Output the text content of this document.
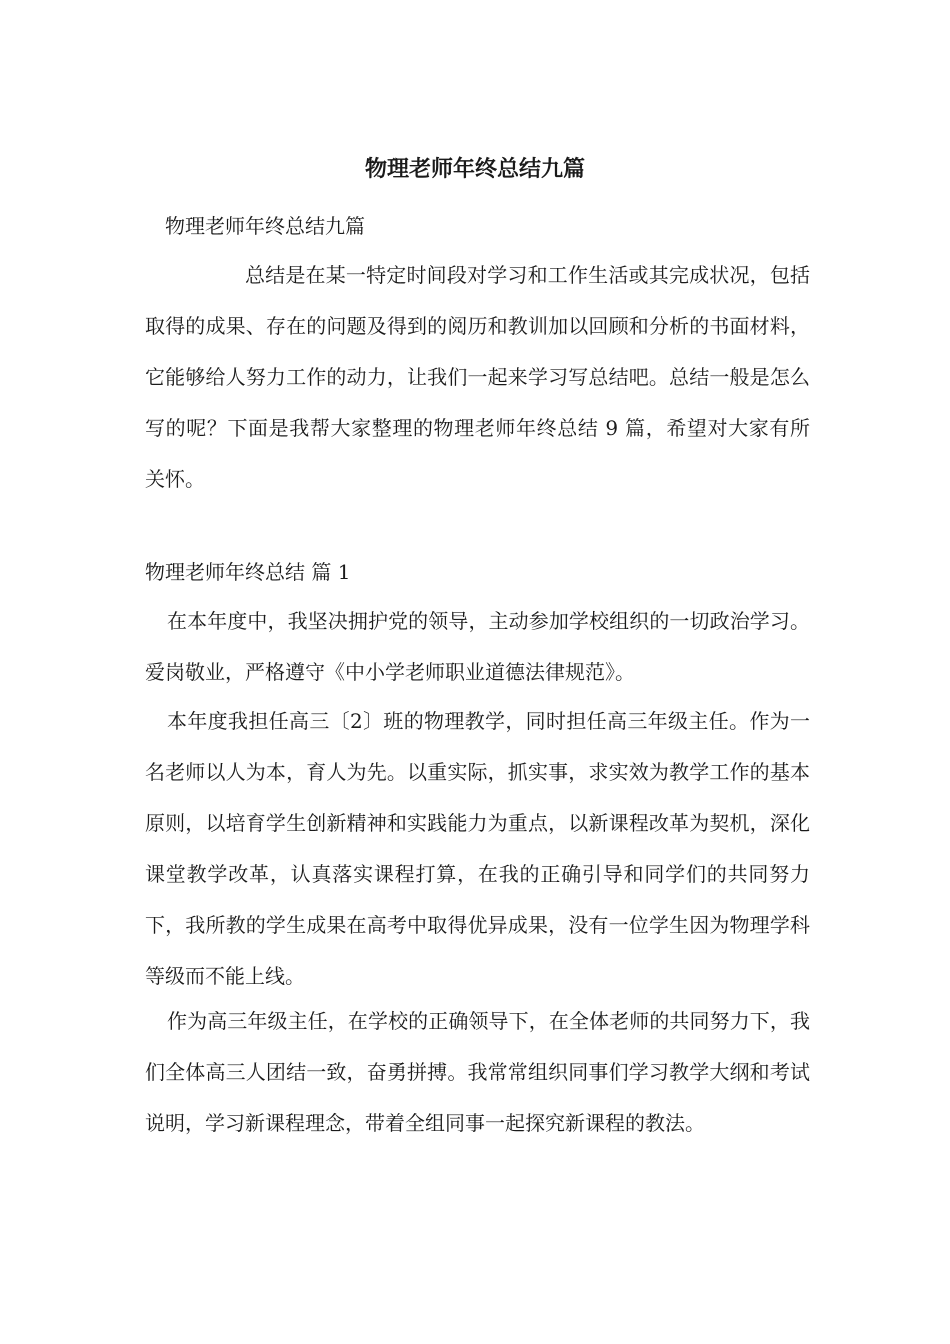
物理老师年终总结九篇

物理老师年终总结九篇

总结是在某一特定时间段对学习和工作生活或其完成状况，包括取得的成果、存在的问题及得到的阅历和教训加以回顾和分析的书面材料，它能够给人努力工作的动力，让我们一起来学习写总结吧。总结一般是怎么写的呢？下面是我帮大家整理的物理老师年终总结 9 篇，希望对大家有所关怀。

物理老师年终总结 篇 1

在本年度中，我坚决拥护党的领导，主动参加学校组织的一切政治学习。爱岗敬业，严格遵守《中小学老师职业道德法律规范》。

本年度我担任高三〔2〕班的物理教学，同时担任高三年级主任。作为一名老师以人为本，育人为先。以重实际，抓实事，求实效为教学工作的基本原则，以培育学生创新精神和实践能力为重点，以新课程改革为契机，深化课堂教学改革，认真落实课程打算，在我的正确引导和同学们的共同努力下，我所教的学生成果在高考中取得优异成果，没有一位学生因为物理学科等级而不能上线。

作为高三年级主任，在学校的正确领导下，在全体老师的共同努力下，我们全体高三人团结一致，奋勇拼搏。我常常组织同事们学习教学大纲和考试说明，学习新课程理念，带着全组同事一起探究新课程的教法。
